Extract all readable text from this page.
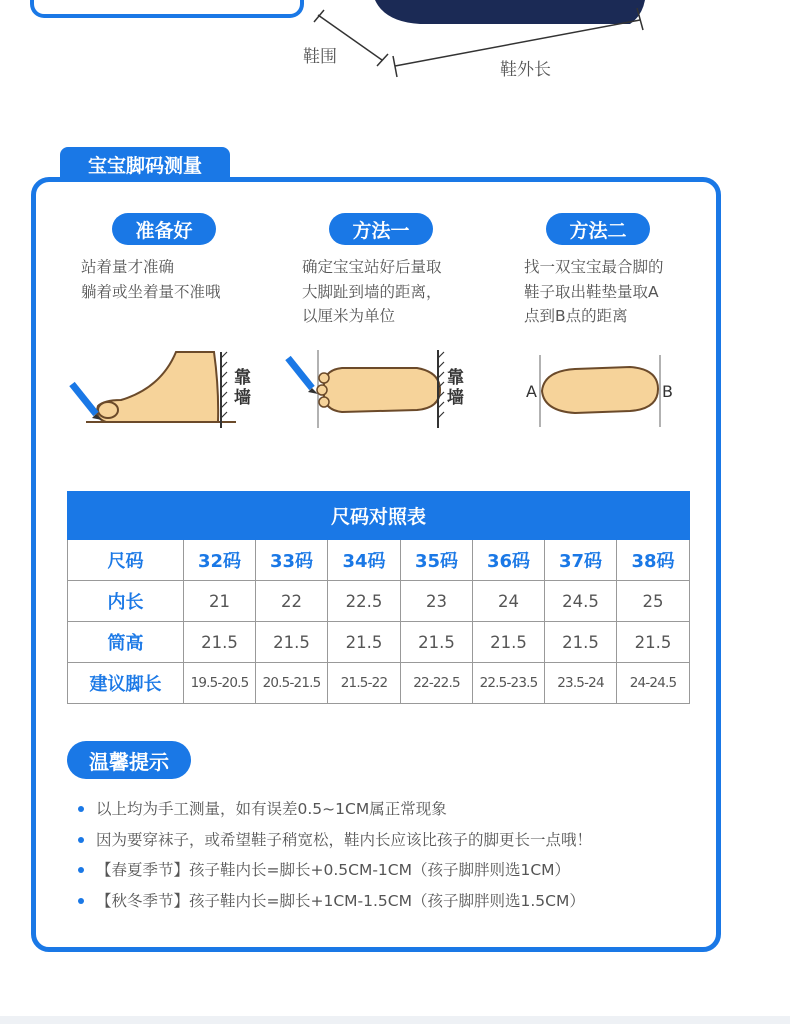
鞋围
鞋外长
宝宝脚码测量
准备好	方法一	方法二
站着量才准确
躺着或坐着量不准哦
确定宝宝站好后量取
大脚趾到墙的距离，
以厘米为单位
找一双宝宝最合脚的
鞋子取出鞋垫量取A
点到B点的距离
靠墙
靠墙	A	B
尺码对照表							
尺码	32码	33码	34码	35码	36码	37码	38码
内长	21	22	22.5	23	24	24.5	25
筒高	21.5	21.5	21.5	21.5	21.5	21.5	21.5
建议脚长	19.5-20.5	20.5-21.5	21.5-22	22-22.5	22.5-23.5	23.5-24	24-24.5
温馨提示
以上均为手工测量，如有误差0.5~1CM属正常现象
因为要穿袜子，或希望鞋子稍宽松，鞋内长应该比孩子的脚更长一点哦！
【春夏季节】孩子鞋内长=脚长+0.5CM-1CM（孩子脚胖则选1CM）
【秋冬季节】孩子鞋内长=脚长+1CM-1.5CM（孩子脚胖则选1.5CM）
